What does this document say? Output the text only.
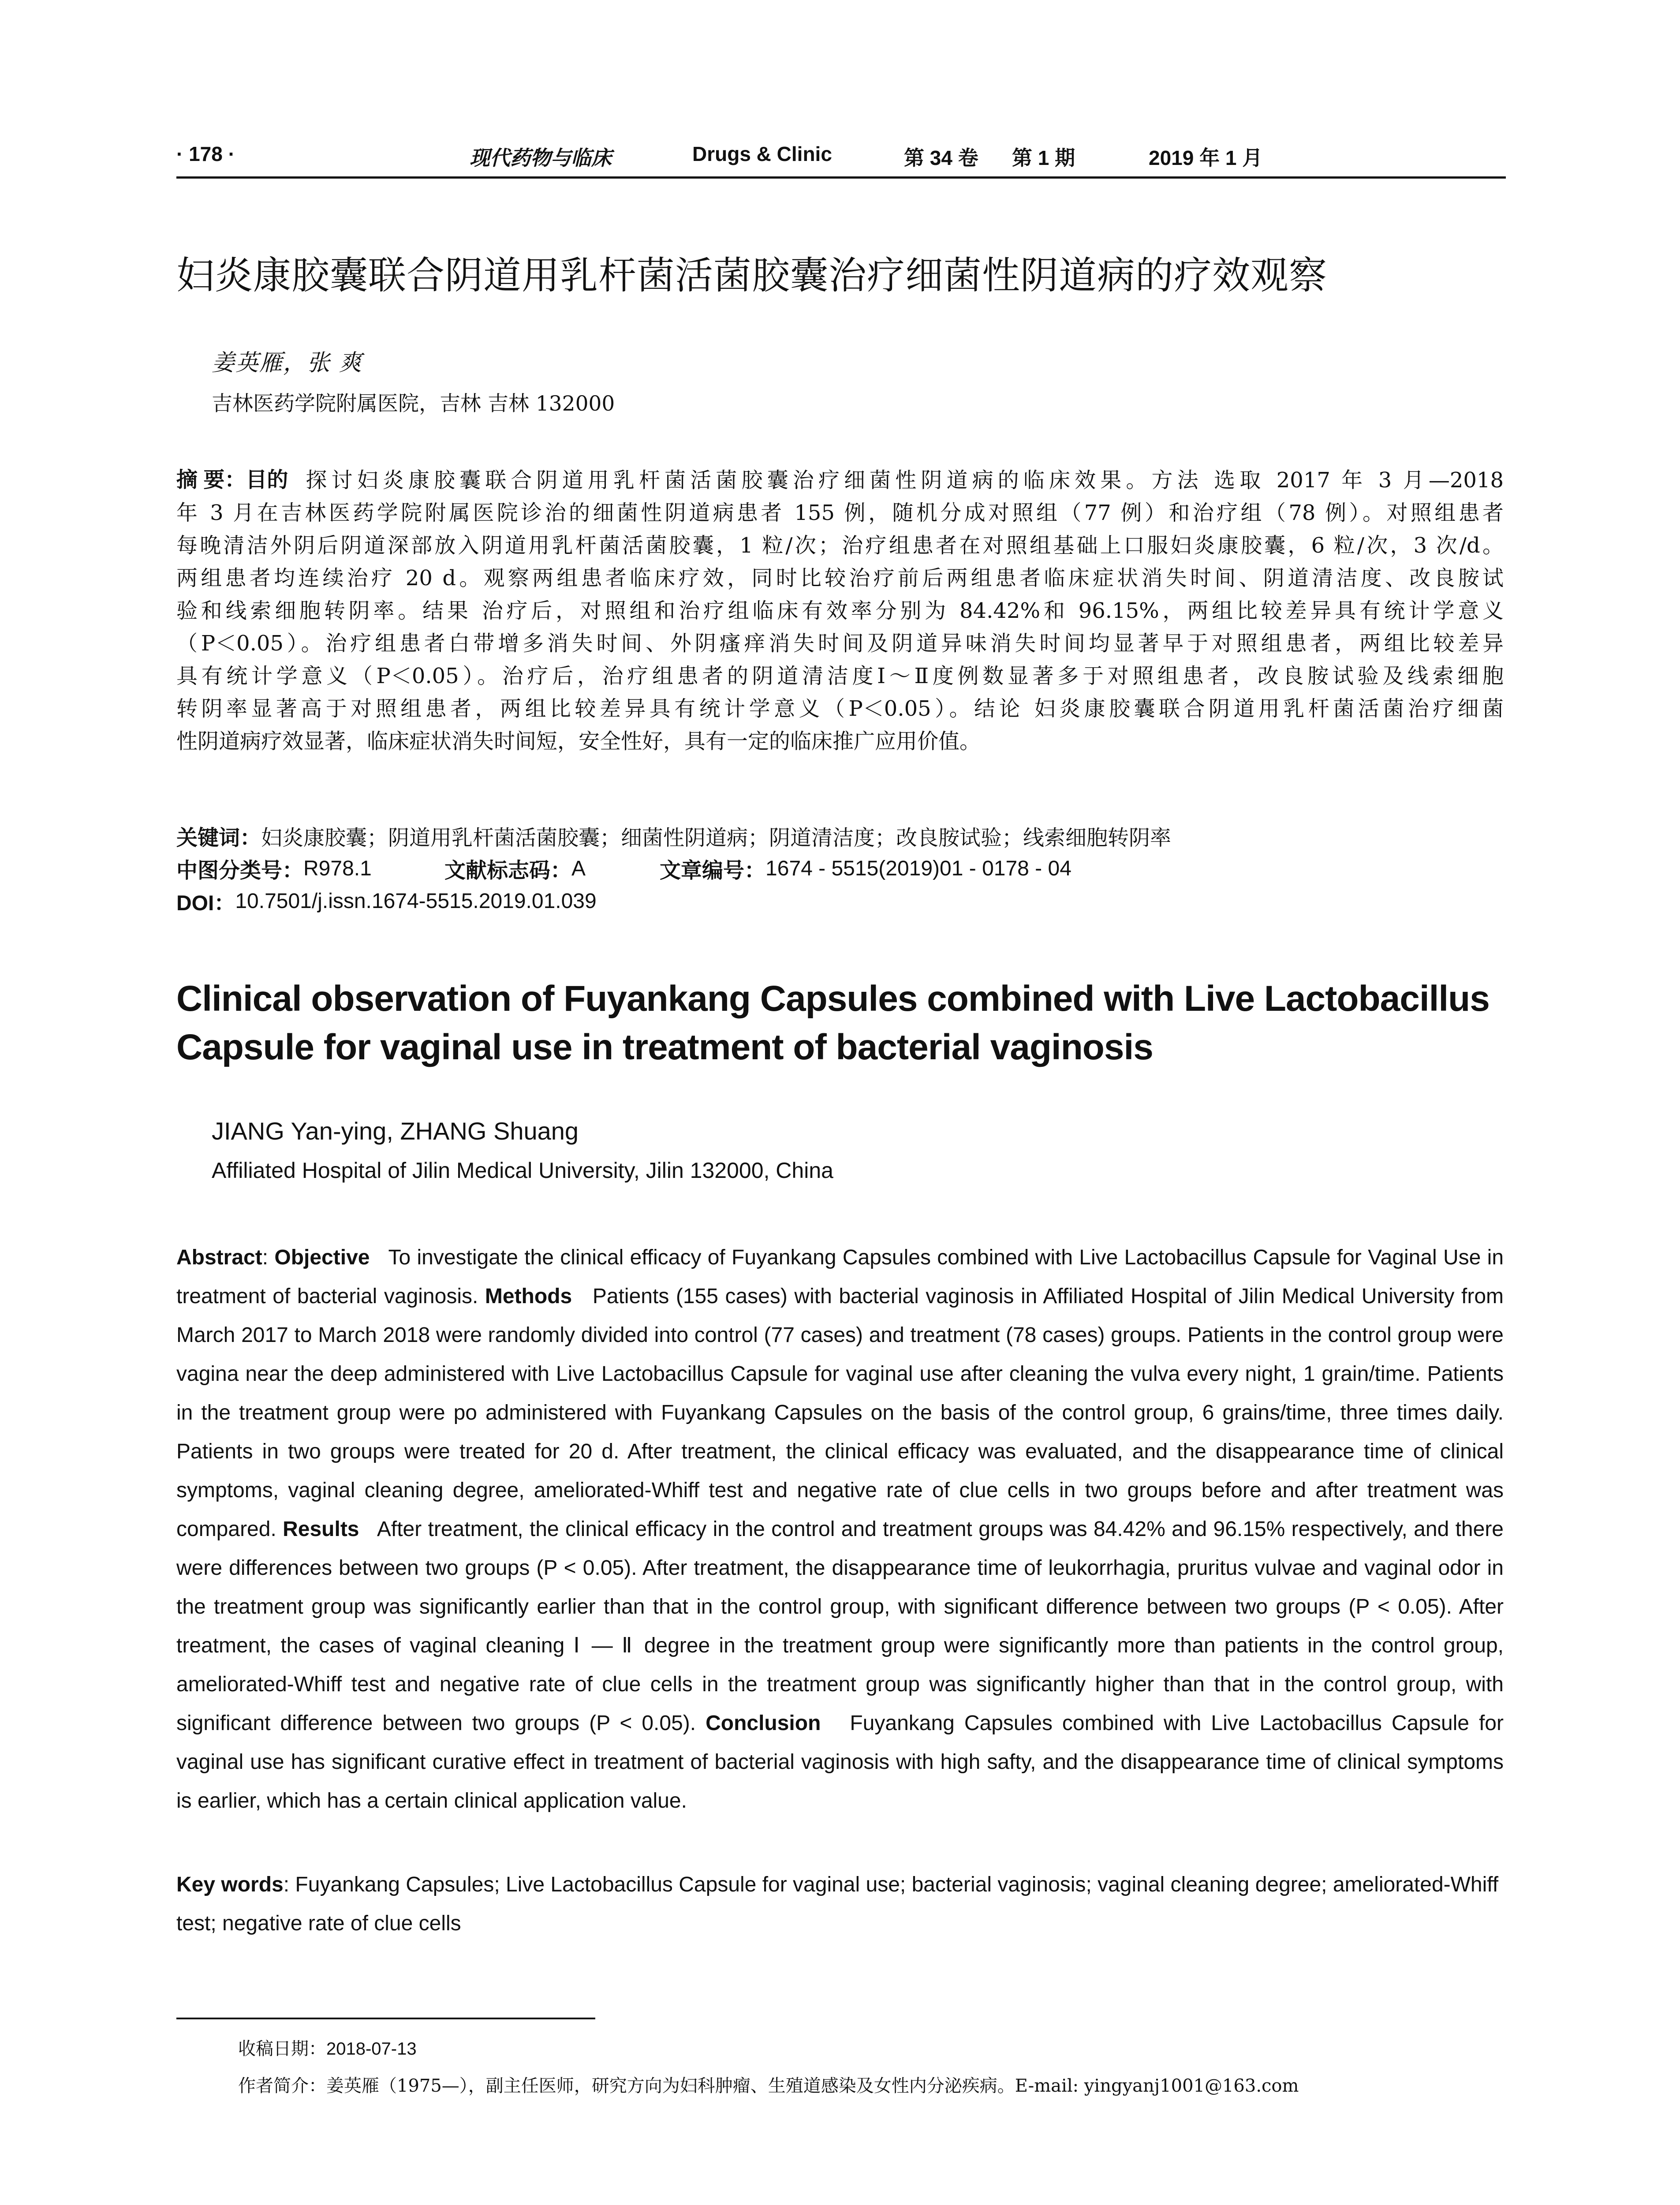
· 178 ·	现代药物与临床	Drugs & Clinic	第 34 卷 第 1 期	2019 年 1 月
妇炎康胶囊联合阴道用乳杆菌活菌胶囊治疗细菌性阴道病的疗效观察
姜英雁，张 爽
吉林医药学院附属医院，吉林 吉林 132000
摘 要：目的 探讨妇炎康胶囊联合阴道用乳杆菌活菌胶囊治疗细菌性阴道病的临床效果。方法 选取 2017 年 3 月—2018
年 3 月在吉林医药学院附属医院诊治的细菌性阴道病患者 155 例，随机分成对照组（77 例）和治疗组（78 例）。对照组患者
每晚清洁外阴后阴道深部放入阴道用乳杆菌活菌胶囊，1 粒/次；治疗组患者在对照组基础上口服妇炎康胶囊，6 粒/次，3 次/d。
两组患者均连续治疗 20 d。观察两组患者临床疗效，同时比较治疗前后两组患者临床症状消失时间、阴道清洁度、改良胺试
验和线索细胞转阴率。结果 治疗后，对照组和治疗组临床有效率分别为 84.42%和 96.15%，两组比较差异具有统计学意义
（P＜0.05）。治疗组患者白带增多消失时间、外阴瘙痒消失时间及阴道异味消失时间均显著早于对照组患者，两组比较差异
具有统计学意义（P＜0.05）。治疗后，治疗组患者的阴道清洁度Ⅰ～Ⅱ度例数显著多于对照组患者，改良胺试验及线索细胞
转阴率显著高于对照组患者，两组比较差异具有统计学意义（P＜0.05）。结论 妇炎康胶囊联合阴道用乳杆菌活菌治疗细菌
性阴道病疗效显著，临床症状消失时间短，安全性好，具有一定的临床推广应用价值。
关键词： 妇炎康胶囊；阴道用乳杆菌活菌胶囊；细菌性阴道病；阴道清洁度；改良胺试验；线索细胞转阴率
中图分类号： R978.1	文献标志码： A	文章编号： 1674 - 5515(2019)01 - 0178 - 04
DOI： 10.7501/j.issn.1674-5515.2019.01.039
Clinical observation of Fuyankang Capsules combined with Live Lactobacillus Capsule for vaginal use in treatment of bacterial vaginosis
JIANG Yan-ying, ZHANG Shuang
Affiliated Hospital of Jilin Medical University, Jilin 132000, China
Abstract: Objective To investigate the clinical efficacy of Fuyankang Capsules combined with Live Lactobacillus Capsule for Vaginal Use in treatment of bacterial vaginosis. Methods Patients (155 cases) with bacterial vaginosis in Affiliated Hospital of Jilin Medical University from March 2017 to March 2018 were randomly divided into control (77 cases) and treatment (78 cases) groups. Patients in the control group were vagina near the deep administered with Live Lactobacillus Capsule for vaginal use after cleaning the vulva every night, 1 grain/time. Patients in the treatment group were po administered with Fuyankang Capsules on the basis of the control group, 6 grains/time, three times daily. Patients in two groups were treated for 20 d. After treatment, the clinical efficacy was evaluated, and the disappearance time of clinical symptoms, vaginal cleaning degree, ameliorated-Whiff test and negative rate of clue cells in two groups before and after treatment was compared. Results After treatment, the clinical efficacy in the control and treatment groups was 84.42% and 96.15% respectively, and there were differences between two groups (P < 0.05). After treatment, the disappearance time of leukorrhagia, pruritus vulvae and vaginal odor in the treatment group was significantly earlier than that in the control group, with significant difference between two groups (P < 0.05). After treatment, the cases of vaginal cleaning Ⅰ — Ⅱ degree in the treatment group were significantly more than patients in the control group, ameliorated-Whiff test and negative rate of clue cells in the treatment group was significantly higher than that in the control group, with significant difference between two groups (P < 0.05). Conclusion Fuyankang Capsules combined with Live Lactobacillus Capsule for vaginal use has significant curative effect in treatment of bacterial vaginosis with high safty, and the disappearance time of clinical symptoms is earlier, which has a certain clinical application value.
Key words: Fuyankang Capsules; Live Lactobacillus Capsule for vaginal use; bacterial vaginosis; vaginal cleaning degree; ameliorated-Whiff test; negative rate of clue cells
收稿日期：2018-07-13
作者简介：姜英雁（1975—），副主任医师，研究方向为妇科肿瘤、生殖道感染及女性内分泌疾病。E-mail: yingyanj1001@163.com
